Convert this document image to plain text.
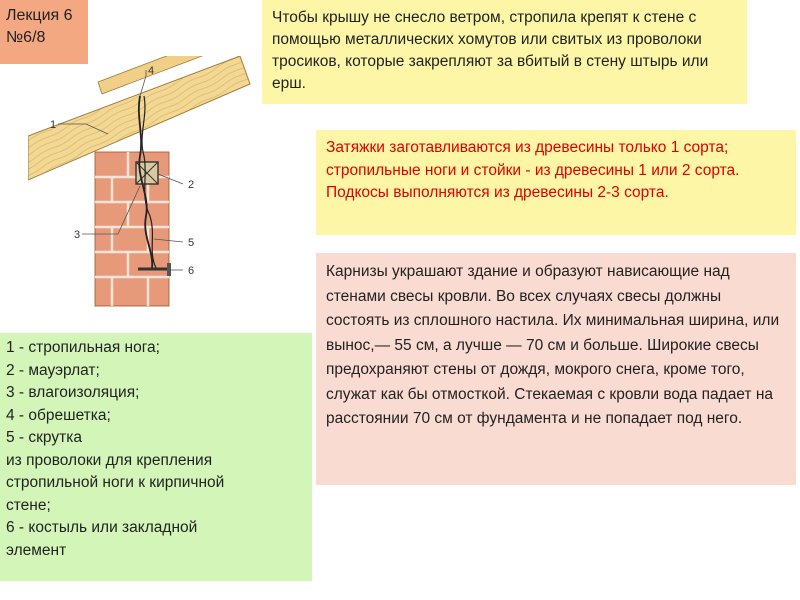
Лекция 6
№6/8
Чтобы крышу не снесло ветром, стропила крепят к стене с помощью металлических хомутов или свитых из проволоки тросиков, которые закрепляют за вбитый в стену штырь или ерш.
Затяжки заготавливаются из древесины только 1 сорта; стропильные ноги и стойки - из древесины 1 или 2 сорта. Подкосы выполняются из древесины 2-3 сорта.
Карнизы украшают здание и образуют нависающие над стенами свесы кровли. Во всех случаях свесы должны состоять из сплошного настила. Их минимальная ширина, или вынос,— 55 см, а лучше — 70 см и больше. Широкие свесы предохраняют стены от дождя, мокрого снега, кроме того, служат как бы отмосткой. Стекаемая с кровли вода падает на расстоянии 70 см от фундамента и не попадает под него.
1 - стропильная нога;
2 - мауэрлат;
3 - влагоизоляция;
4 - обрешетка;
5 - скрутка
из проволоки для крепления
стропильной ноги к кирпичной
стене;
6 - костыль или закладной
элемент
1
4
2
3
5
6
